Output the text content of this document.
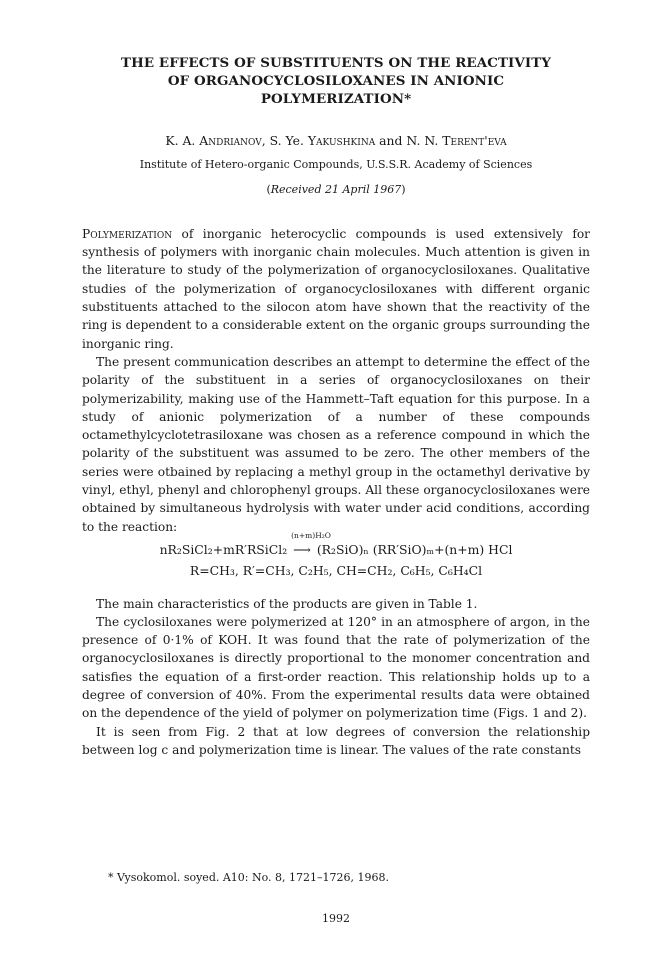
THE EFFECTS OF SUBSTITUENTS ON THE REACTIVITY
OF ORGANOCYCLOSILOXANES IN ANIONIC
POLYMERIZATION*
K. A. Andrianov, S. Ye. Yakushkina and N. N. Terent'eva
Institute of Hetero-organic Compounds, U.S.S.R. Academy of Sciences
(Received 21 April 1967)

Polymerization of inorganic heterocyclic compounds is used extensively for synthesis of polymers with inorganic chain molecules. Much attention is given in the literature to study of the polymerization of organocyclosiloxanes. Qualitative studies of the polymerization of organocyclosiloxanes with different organic substituents attached to the silocon atom have shown that the reactivity of the ring is dependent to a considerable extent on the organic groups surrounding the inorganic ring.

The present communication describes an attempt to determine the effect of the polarity of the substituent in a series of organocyclosiloxanes on their polymerizability, making use of the Hammett–Taft equation for this purpose. In a study of anionic polymerization of a number of these compounds octamethylcyclotetrasiloxane was chosen as a reference compound in which the polarity of the substituent was assumed to be zero. The other members of the series were otbained by replacing a methyl group in the octamethyl derivative by vinyl, ethyl, phenyl and chlorophenyl groups. All these organocyclosiloxanes were obtained by simultaneous hydrolysis with water under acid conditions, according to the reaction:

nR₂SiCl₂+mR′RSiCl₂
(n+m)H₂O
⟶ (R₂SiO)ₙ (RR′SiO)ₘ+(n+m) HCl
R=CH₃, R′=CH₃, C₂H₅, CH=CH₂, C₆H₅, C₆H₄Cl

The main characteristics of the products are given in Table 1.

The cyclosiloxanes were polymerized at 120° in an atmosphere of argon, in the presence of 0·1% of KOH. It was found that the rate of polymerization of the organocyclosiloxanes is directly proportional to the monomer concentration and satisfies the equation of a first-order reaction. This relationship holds up to a degree of conversion of 40%. From the experimental results data were obtained on the dependence of the yield of polymer on polymerization time (Figs. 1 and 2).

It is seen from Fig. 2 that at low degrees of conversion the relationship between log c and polymerization time is linear. The values of the rate constants

* Vysokomol. soyed. A10: No. 8, 1721–1726, 1968.
1992
